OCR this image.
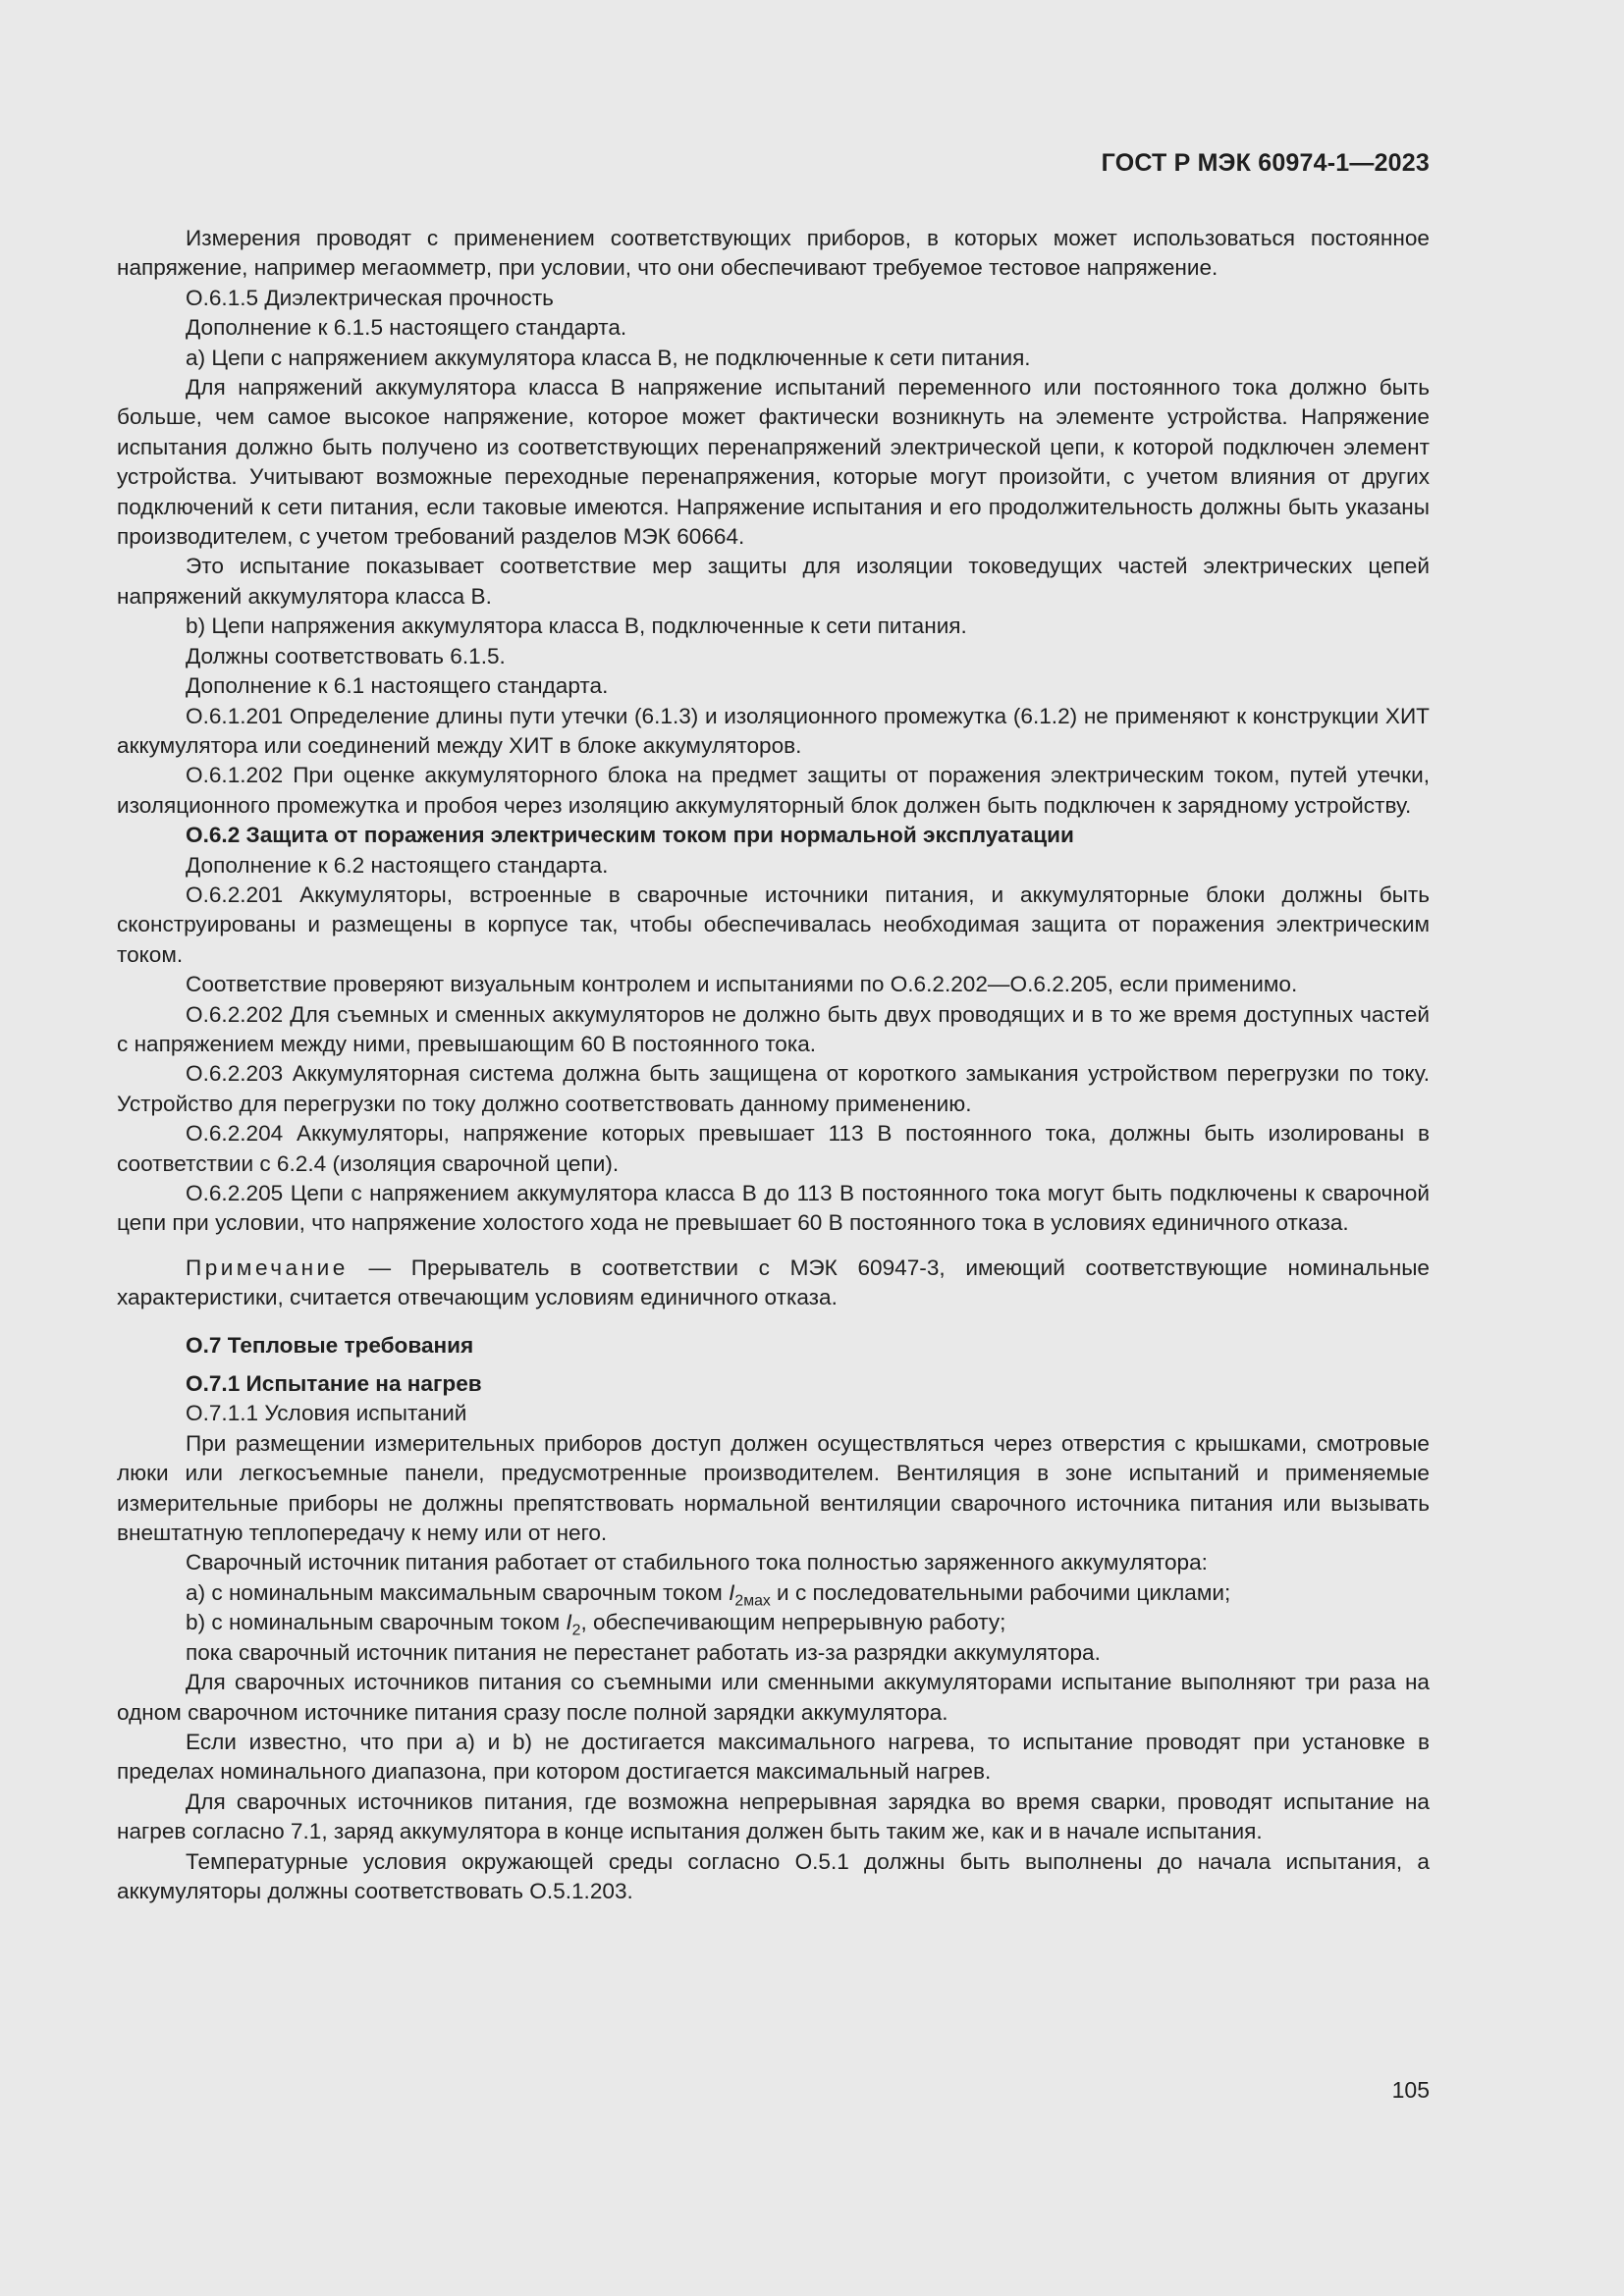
ГОСТ Р МЭК 60974-1—2023

Измерения проводят с применением соответствующих приборов, в которых может использоваться постоянное напряжение, например мегаомметр, при условии, что они обеспечивают требуемое тестовое напряжение.

О.6.1.5 Диэлектрическая прочность

Дополнение к 6.1.5 настоящего стандарта.

а) Цепи с напряжением аккумулятора класса В, не подключенные к сети питания.

Для напряжений аккумулятора класса В напряжение испытаний переменного или постоянного тока должно быть больше, чем самое высокое напряжение, которое может фактически возникнуть на элементе устройства. Напряжение испытания должно быть получено из соответствующих перенапряжений электрической цепи, к которой подключен элемент устройства. Учитывают возможные переходные перенапряжения, которые могут произойти, с учетом влияния от других подключений к сети питания, если таковые имеются. Напряжение испытания и его продолжительность должны быть указаны производителем, с учетом требований разделов МЭК 60664.

Это испытание показывает соответствие мер защиты для изоляции токоведущих частей электрических цепей напряжений аккумулятора класса В.

b) Цепи напряжения аккумулятора класса В, подключенные к сети питания.

Должны соответствовать 6.1.5.

Дополнение к 6.1 настоящего стандарта.

О.6.1.201 Определение длины пути утечки (6.1.3) и изоляционного промежутка (6.1.2) не применяют к конструкции ХИТ аккумулятора или соединений между ХИТ в блоке аккумуляторов.

О.6.1.202 При оценке аккумуляторного блока на предмет защиты от поражения электрическим током, путей утечки, изоляционного промежутка и пробоя через изоляцию аккумуляторный блок должен быть подключен к зарядному устройству.

О.6.2 Защита от поражения электрическим током при нормальной эксплуатации

Дополнение к 6.2 настоящего стандарта.

О.6.2.201 Аккумуляторы, встроенные в сварочные источники питания, и аккумуляторные блоки должны быть сконструированы и размещены в корпусе так, чтобы обеспечивалась необходимая защита от поражения электрическим током.

Соответствие проверяют визуальным контролем и испытаниями по О.6.2.202—О.6.2.205, если применимо.

О.6.2.202 Для съемных и сменных аккумуляторов не должно быть двух проводящих и в то же время доступных частей с напряжением между ними, превышающим 60 В постоянного тока.

О.6.2.203 Аккумуляторная система должна быть защищена от короткого замыкания устройством перегрузки по току. Устройство для перегрузки по току должно соответствовать данному применению.

О.6.2.204 Аккумуляторы, напряжение которых превышает 113 В постоянного тока, должны быть изолированы в соответствии с 6.2.4 (изоляция сварочной цепи).

О.6.2.205 Цепи с напряжением аккумулятора класса В до 113 В постоянного тока могут быть подключены к сварочной цепи при условии, что напряжение холостого хода не превышает 60 В постоянного тока в условиях единичного отказа.

Примечание — Прерыватель в соответствии с МЭК 60947-3, имеющий соответствующие номинальные характеристики, считается отвечающим условиям единичного отказа.

О.7 Тепловые требования

О.7.1 Испытание на нагрев

О.7.1.1 Условия испытаний

При размещении измерительных приборов доступ должен осуществляться через отверстия с крышками, смотровые люки или легкосъемные панели, предусмотренные производителем. Вентиляция в зоне испытаний и применяемые измерительные приборы не должны препятствовать нормальной вентиляции сварочного источника питания или вызывать внештатную теплопередачу к нему или от него.

Сварочный источник питания работает от стабильного тока полностью заряженного аккумулятора:

а) с номинальным максимальным сварочным током $I_{2мах}$ и с последовательными рабочими циклами;

b) с номинальным сварочным током $I_2$, обеспечивающим непрерывную работу;

пока сварочный источник питания не перестанет работать из-за разрядки аккумулятора.

Для сварочных источников питания со съемными или сменными аккумуляторами испытание выполняют три раза на одном сварочном источнике питания сразу после полной зарядки аккумулятора.

Если известно, что при а) и b) не достигается максимального нагрева, то испытание проводят при установке в пределах номинального диапазона, при котором достигается максимальный нагрев.

Для сварочных источников питания, где возможна непрерывная зарядка во время сварки, проводят испытание на нагрев согласно 7.1, заряд аккумулятора в конце испытания должен быть таким же, как и в начале испытания.

Температурные условия окружающей среды согласно О.5.1 должны быть выполнены до начала испытания, а аккумуляторы должны соответствовать О.5.1.203.

105
